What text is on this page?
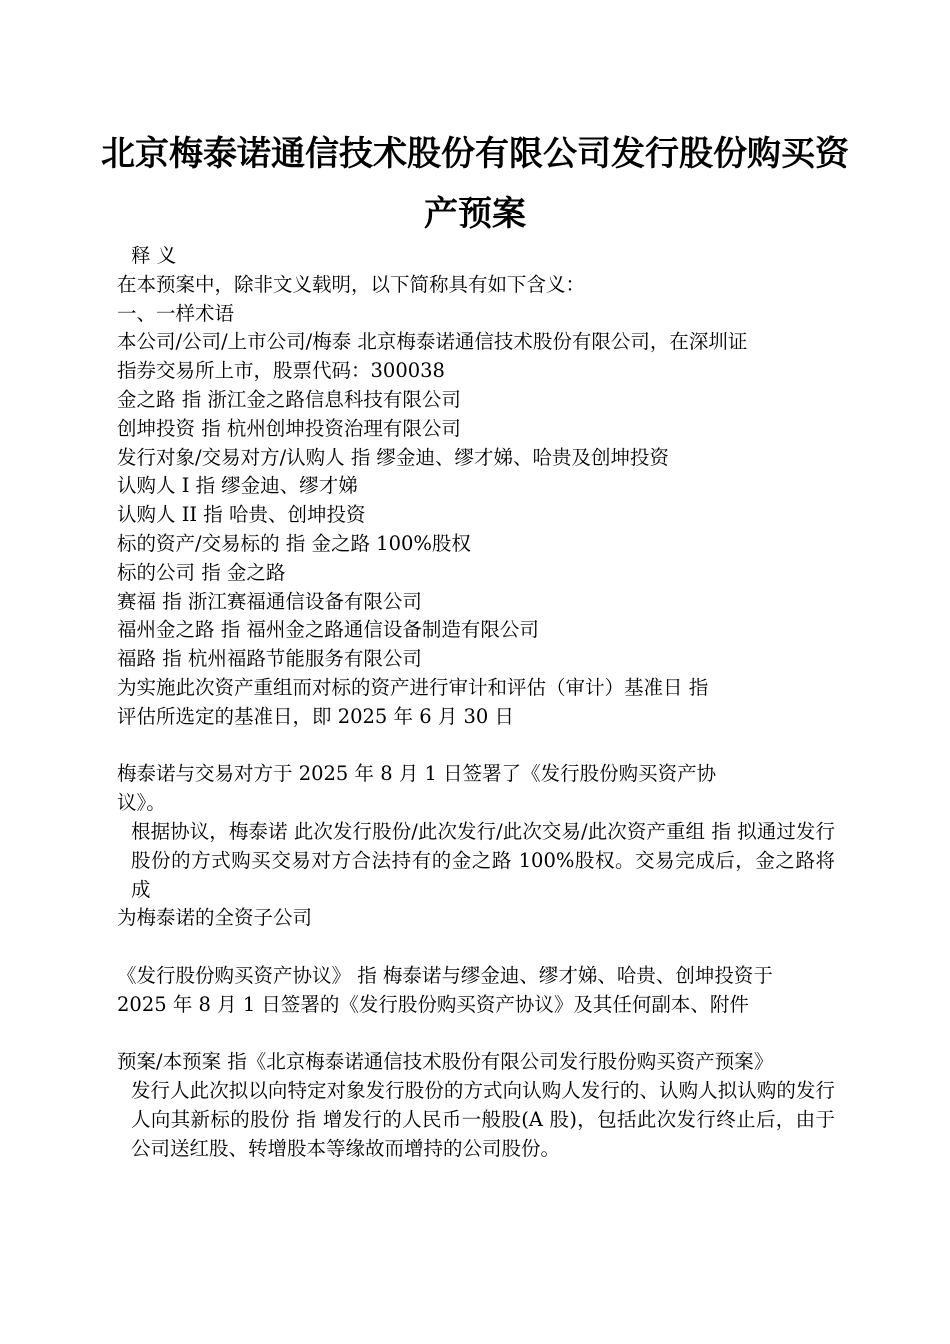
北京梅泰诺通信技术股份有限公司发行股份购买资产预案

释 义

在本预案中，除非文义载明，以下简称具有如下含义：

一、一样术语

本公司/公司/上市公司/梅泰 北京梅泰诺通信技术股份有限公司，在深圳证

指券交易所上市，股票代码：300038

金之路 指 浙江金之路信息科技有限公司

创坤投资 指 杭州创坤投资治理有限公司

发行对象/交易对方/认购人 指 缪金迪、缪才娣、哈贵及创坤投资

认购人 I 指 缪金迪、缪才娣

认购人 II 指 哈贵、创坤投资

标的资产/交易标的 指 金之路 100%股权

标的公司 指 金之路

赛福 指 浙江赛福通信设备有限公司

福州金之路 指 福州金之路通信设备制造有限公司

福路 指 杭州福路节能服务有限公司

为实施此次资产重组而对标的资产进行审计和评估（审计）基准日 指

评估所选定的基准日，即 2025 年 6 月 30 日

梅泰诺与交易对方于 2025 年 8 月 1 日签署了《发行股份购买资产协

议》。

根据协议，梅泰诺 此次发行股份/此次发行/此次交易/此次资产重组 指 拟通过发行股份的方式购买交易对方合法持有的金之路 100%股权。交易完成后，金之路将成

为梅泰诺的全资子公司

《发行股份购买资产协议》 指 梅泰诺与缪金迪、缪才娣、哈贵、创坤投资于

2025 年 8 月 1 日签署的《发行股份购买资产协议》及其任何副本、附件

预案/本预案 指《北京梅泰诺通信技术股份有限公司发行股份购买资产预案》

发行人此次拟以向特定对象发行股份的方式向认购人发行的、认购人拟认购的发行人向其新标的股份 指 增发行的人民币一般股(A 股)，包括此次发行终止后，由于公司送红股、转增股本等缘故而增持的公司股份。
